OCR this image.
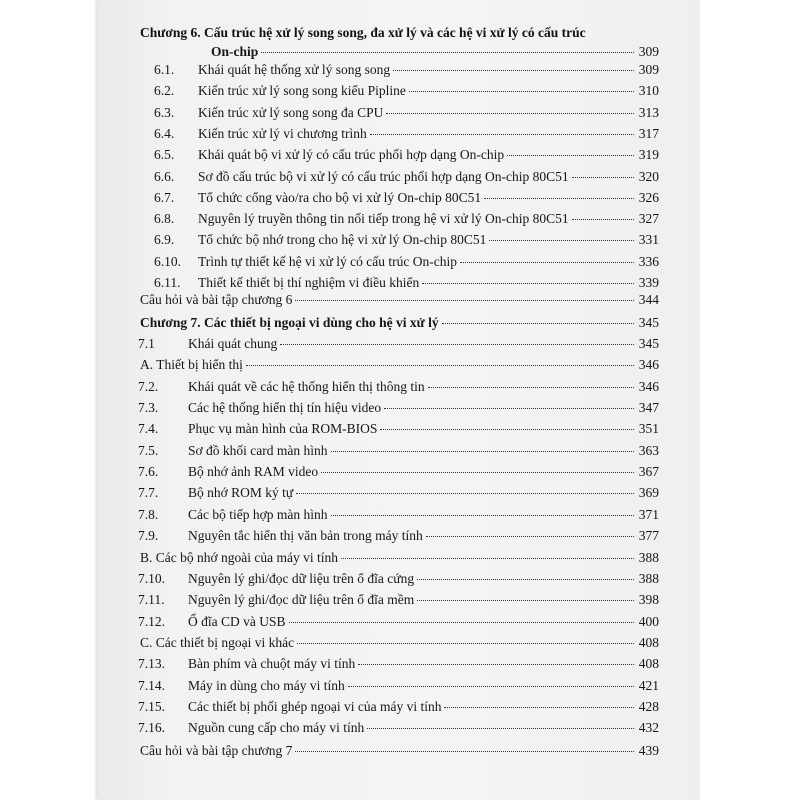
Chương 6. Cấu trúc hệ xử lý song song, đa xử lý và các hệ vi xử lý có cấu trúc
On-chip	309
6.1. Khái quát hệ thống xử lý song song	309
6.2. Kiến trúc xử lý song song kiểu Pipline	310
6.3. Kiến trúc xử lý song song đa CPU	313
6.4. Kiến trúc xử lý vi chương trình	317
6.5. Khái quát bộ vi xử lý có cấu trúc phối hợp dạng On-chip	319
6.6. Sơ đồ cấu trúc bộ vi xử lý có cấu trúc phối hợp dạng On-chip 80C51	320
6.7. Tổ chức cổng vào/ra cho bộ vi xử lý On-chip 80C51	326
6.8. Nguyên lý truyền thông tin nối tiếp trong hệ vi xử lý On-chip 80C51	327
6.9. Tổ chức bộ nhớ trong cho hệ vi xử lý On-chip 80C51	331
6.10. Trình tự thiết kế hệ vi xử lý có cấu trúc On-chip	336
6.11. Thiết kế thiết bị thí nghiệm vi điều khiển	339
Câu hỏi và bài tập chương 6	344
Chương 7. Các thiết bị ngoại vi dùng cho hệ vi xử lý	345
7.1 Khái quát chung	345
A. Thiết bị hiển thị	346
7.2. Khái quát về các hệ thống hiển thị thông tin	346
7.3. Các hệ thống hiển thị tín hiệu video	347
7.4. Phục vụ màn hình của ROM-BIOS	351
7.5. Sơ đồ khối card màn hình	363
7.6. Bộ nhớ ảnh RAM video	367
7.7. Bộ nhớ ROM ký tự	369
7.8. Các bộ tiếp hợp màn hình	371
7.9. Nguyên tắc hiển thị văn bản trong máy tính	377
B. Các bộ nhớ ngoài của máy vi tính	388
7.10. Nguyên lý ghi/đọc dữ liệu trên ổ đĩa cứng	388
7.11. Nguyên lý ghi/đọc dữ liệu trên ổ đĩa mềm	398
7.12. Ổ đĩa CD và USB	400
C. Các thiết bị ngoại vi khác	408
7.13. Bàn phím và chuột máy vi tính	408
7.14. Máy in dùng cho máy vi tính	421
7.15. Các thiết bị phối ghép ngoại vi của máy vi tính	428
7.16. Nguồn cung cấp cho máy vi tính	432
Câu hỏi và bài tập chương 7	439
